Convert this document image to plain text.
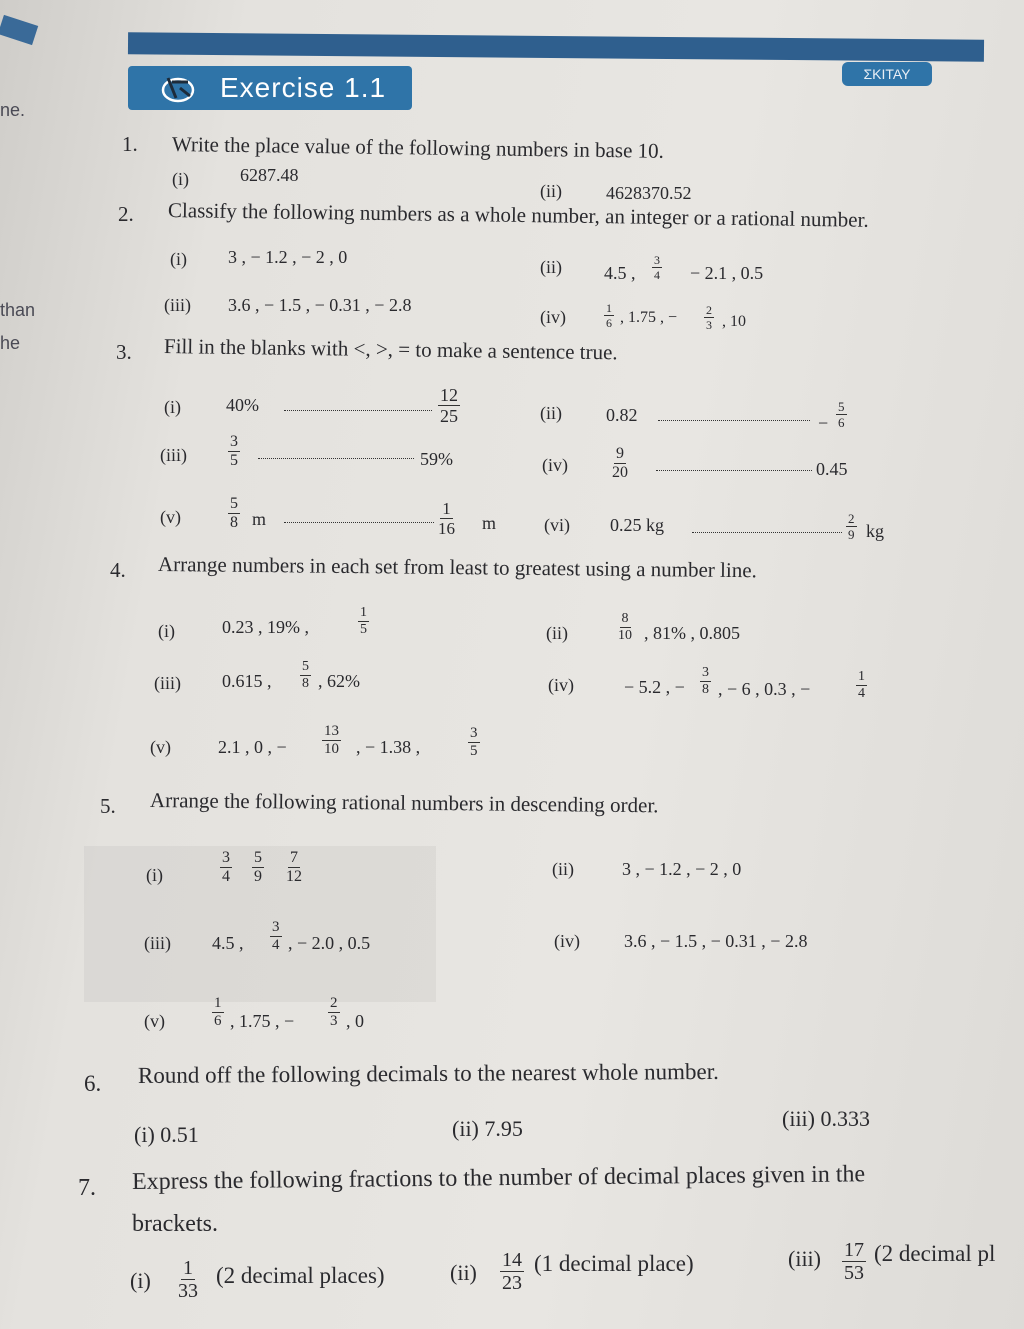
ne.
than
he
Exercise 1.1	ΣΚΙΤΑΥ
1. Write the place value of the following numbers in base 10.
(i)	6287.48
(ii) 4628370.52
2. Classify the following numbers as a whole number, an integer or a rational number.
(i) 3 , − 1.2 , − 2 , 0	(ii) 4.5 , $\frac{3}{4} - 2.1$ , 0.5
(iii) 3.6 , − 1.5 , − 0.31 , − 2.8
(iv)	$\frac{1}{6}$ , 1.75 , − $\frac{2}{3}$ , 10
3. Fill in the blanks with <, >, = to make a sentence true.
(i)	40%	$\frac{12}{25}$	(ii) 0.82	− $\frac{5}{6}$
(iii)	$\frac{3}{5}$	59%	(iv)	$\frac{9}{20}$	0.45
(v)	$\frac{5}{8}$ m	$\frac{1}{16}$ m	(vi) 0.25 kg	$\frac{2}{9}$ kg
4. Arrange numbers in each set from least to greatest using a number line.
(i)	0.23 , 19% ,	$\frac{1}{5}$	(ii)	$\frac{8}{10}$ , 81% , 0.805
(iii) 0.615 , $\frac{5}{8}$ , 62%	(iv)	− 5.2 , − $\frac{3}{8}$ , − 6 , 0.3 , −	$\frac{1}{4}$
(v)	2.1 , 0 , − $\frac{13}{10}$ , − 1.38 ,	$\frac{3}{5}$
5. Arrange the following rational numbers in descending order.
(i)	$\frac{3}{4} \frac{5}{9} \frac{7}{12}$	(ii)	3 , − 1.2 , − 2 , 0
(iii) 4.5 , $\frac{3}{4}$ , − 2.0 , 0.5	(iv) 3.6 , − 1.5 , − 0.31 , − 2.8
(v)	$\frac{1}{6}$ , 1.75 , − $\frac{2}{3}$ , 0
6. Round off the following decimals to the nearest whole number.
(i) 0.51	(ii) 7.95	(iii) 0.333
7. Express the following fractions to the number of decimal places given in the
brackets.
$(i) \frac{1}{33} (2$ decimal places)	$(ii) \frac{14}{23} (1$ decimal place)	$(iii) \frac{17}{53} (2$ decimal pl
